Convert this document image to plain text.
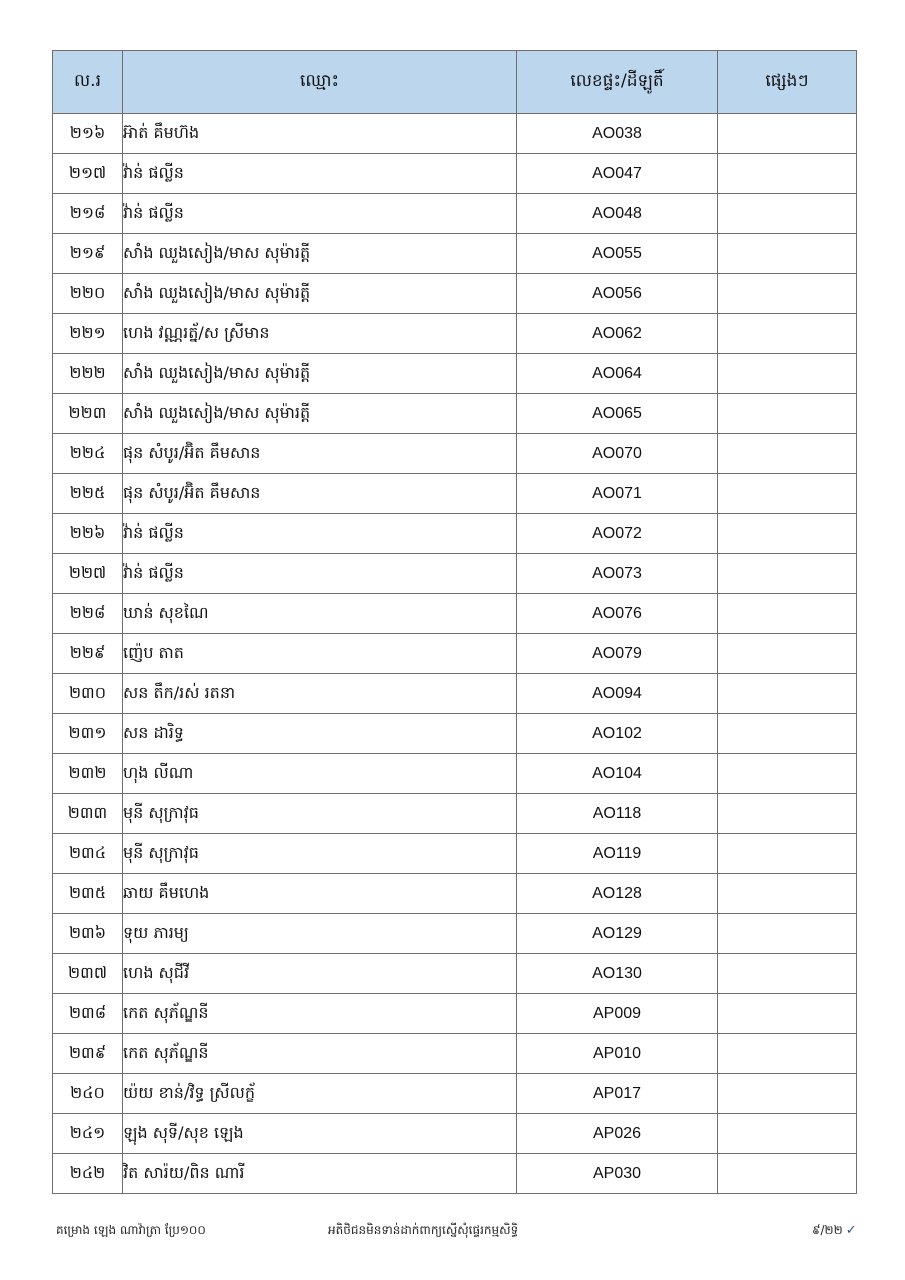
ល.រ	ឈ្មោះ	លេខផ្ទះ/ដីឡូតិ៍	ផ្សេងៗ
២១៦	អ៊ាត់ គឹមហ៊ង	AO038	
២១៧	វ៉ាន់ ផល្លីន	AO047	
២១៨	វ៉ាន់ ផល្លីន	AO048	
២១៩	សាំង ឈួងសៀង/មាស សុម៉ារត្តី	AO055	
២២០	សាំង ឈួងសៀង/មាស សុម៉ារត្តី	AO056	
២២១	ហេង វណ្ណរត្ន័/ស ស្រីមាន	AO062	
២២២	សាំង ឈួងសៀង/មាស សុម៉ារត្តី	AO064	
២២៣	សាំង ឈួងសៀង/មាស សុម៉ារត្តី	AO065	
២២៤	ផុន សំបូរ/អ៊ិត គឹមសាន	AO070	
២២៥	ផុន សំបូរ/អ៊ិត គឹមសាន	AO071	
២២៦	វ៉ាន់ ផល្លីន	AO072	
២២៧	វ៉ាន់ ផល្លីន	AO073	
២២៨	ឃាន់ សុខណៃ	AO076	
២២៩	ញ៉េប តាត	AO079	
២៣០	សន តឹក/រស់ រតនា	AO094	
២៣១	សន ដារិទ្ធ	AO102	
២៣២	ហុង លីណា	AO104	
២៣៣	មុនី សុក្រាវុធ	AO118	
២៣៤	មុនី សុក្រាវុធ	AO119	
២៣៥	ឆាយ គឹមហេង	AO128	
២៣៦	ទុយ ភារម្យ	AO129	
២៣៧	ហេង សុជីវី	AO130	
២៣៨	កេត សុភ័ណ្ឌនី	AP009	
២៣៩	កេត សុភ័ណ្ឌនី	AP010	
២៤០	យ៉យ ខាន់/វិទ្ធ ស្រីលក្ខ័	AP017	
២៤១	ឡុង សុទី/សុខ ឡេង	AP026	
២៤២	វិត សារ៉យ/ពិន ណារី	AP030	
គម្រោង ឡេង ណាវ៉ាត្រា ប្រែ១០០	អតិថិជនមិនទាន់ដាក់ពាក្យស្នើសុំផ្ទេរកម្មសិទ្ធិ	៩/២២ ✓
